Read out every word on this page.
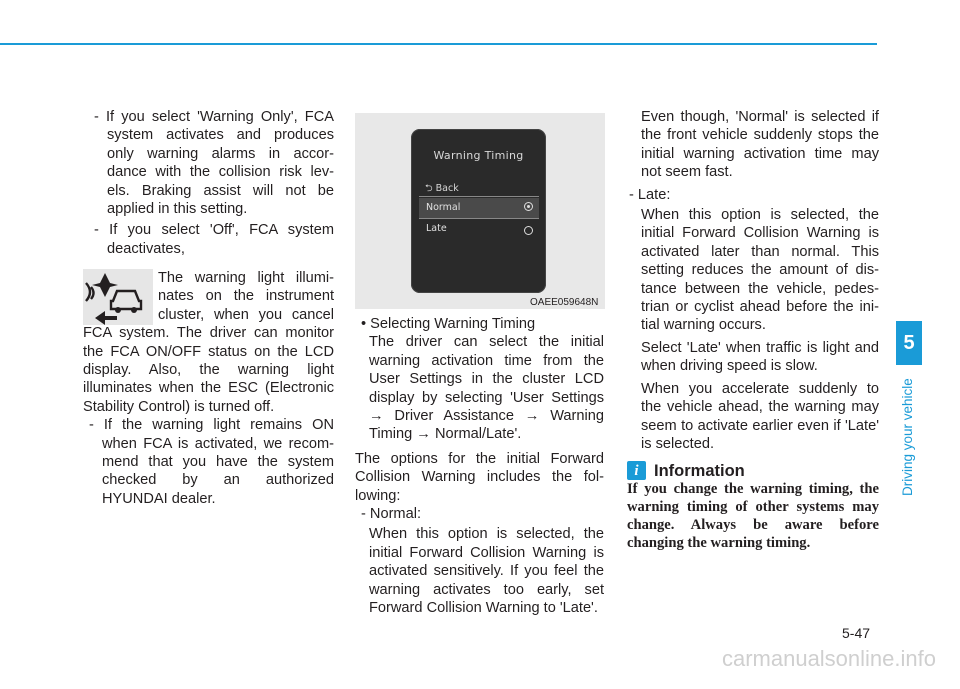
- If you select 'Warning Only', FCA system activates and produces only warning alarms in accor-dance with the collision risk lev-els. Braking assist will not be applied in this setting.

- If you select 'Off', FCA system deactivates,

The warning light illumi-nates on the instrument cluster, when you cancel FCA system. The driver can monitor the FCA ON/OFF status on the LCD display. Also, the warning light illuminates when the ESC (Electronic Stability Control) is turned off.

- If the warning light remains ON when FCA is activated, we recom-mend that you have the system checked by an authorized HYUNDAI dealer.

Warning Timing
⮌ Back
Normal
Late
OAEE059648N

• Selecting Warning Timing

The driver can select the initial warning activation time from the User Settings in the cluster LCD display by selecting 'User Settings → Driver Assistance → Warning Timing → Normal/Late'.

The options for the initial Forward Collision Warning includes the fol-lowing:

- Normal:

When this option is selected, the initial Forward Collision Warning is activated sensitively. If you feel the warning activates too early, set Forward Collision Warning to 'Late'.

Even though, 'Normal' is selected if the front vehicle suddenly stops the initial warning activation time may not seem fast.

- Late:

When this option is selected, the initial Forward Collision Warning is activated later than normal. This setting reduces the amount of dis-tance between the vehicle, pedes-trian or cyclist ahead before the ini-tial warning occurs.

Select 'Late' when traffic is light and when driving speed is slow.

When you accelerate suddenly to the vehicle ahead, the warning may seem to activate earlier even if 'Late' is selected.

i Information

If you change the warning timing, the warning timing of other systems may change. Always be aware before changing the warning timing.

5
Driving your vehicle
5-47
carmanualsonline.info
